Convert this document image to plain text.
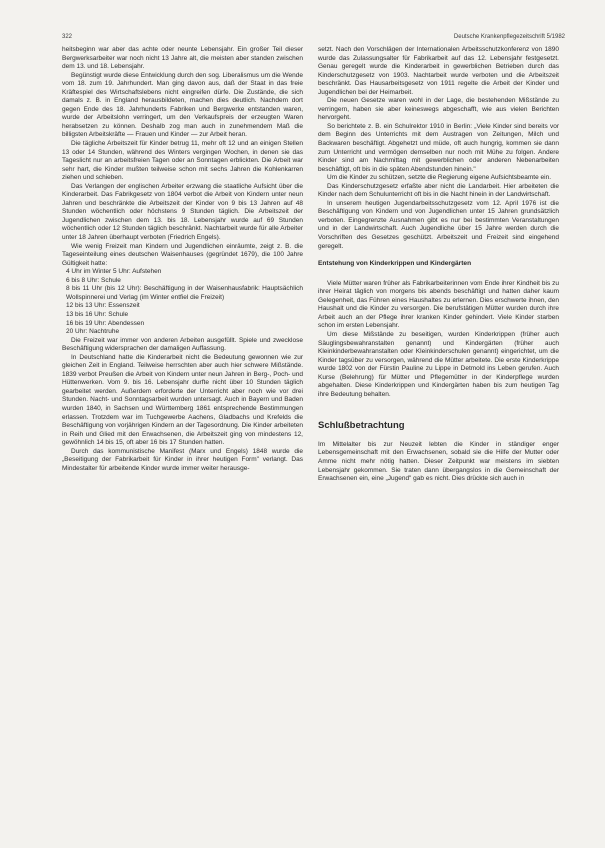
322	Deutsche Krankenpflegezeitschrift 5/1982

heitsbeginn war aber das achte oder neunte Lebensjahr. Ein großer Teil dieser Bergwerksarbeiter war noch nicht 13 Jahre alt, die meisten aber standen zwischen dem 13. und 18. Lebensjahr.

Begünstigt wurde diese Entwicklung durch den sog. Liberalismus um die Wende vom 18. zum 19. Jahrhundert. Man ging davon aus, daß der Staat in das freie Kräftespiel des Wirtschaftslebens nicht eingreifen dürfe. Die Zustände, die sich damals z. B. in England herausbildeten, machen dies deutlich. Nachdem dort gegen Ende des 18. Jahrhunderts Fabriken und Bergwerke entstanden waren, wurde der Arbeitslohn verringert, um den Verkaufspreis der erzeugten Waren herabsetzen zu können. Deshalb zog man auch in zunehmendem Maß die billigsten Arbeitskräfte — Frauen und Kinder — zur Arbeit heran.

Die tägliche Arbeitszeit für Kinder betrug 11, mehr oft 12 und an einigen Stellen 13 oder 14 Stunden, während des Winters vergingen Wochen, in denen sie das Tageslicht nur an arbeitsfreien Tagen oder an Sonntagen erblickten. Die Arbeit war sehr hart, die Kinder mußten teilweise schon mit sechs Jahren die Kohlenkarren ziehen und schieben.

Das Verlangen der englischen Arbeiter erzwang die staatliche Aufsicht über die Kinderarbeit. Das Fabrikgesetz von 1804 verbot die Arbeit von Kindern unter neun Jahren und beschränkte die Arbeitszeit der Kinder von 9 bis 13 Jahren auf 48 Stunden wöchentlich oder höchstens 9 Stunden täglich. Die Arbeitszeit der Jugendlichen zwischen dem 13. bis 18. Lebensjahr wurde auf 69 Stunden wöchentlich oder 12 Stunden täglich beschränkt. Nachtarbeit wurde für alle Arbeiter unter 18 Jahren überhaupt verboten (Friedrich Engels).

Wie wenig Freizeit man Kindern und Jugendlichen einräumte, zeigt z. B. die Tageseinteilung eines deutschen Waisenhauses (gegründet 1679), die 100 Jahre Gültigkeit hatte:

4 Uhr im Winter 5 Uhr: Aufstehen
6 bis 8 Uhr: Schule
8 bis 11 Uhr (bis 12 Uhr): Beschäftigung in der Waisenhausfabrik: Hauptsächlich Wollspinnerei und Verlag (im Winter entfiel die Freizeit)
12 bis 13 Uhr: Essenszeit
13 bis 16 Uhr: Schule
16 bis 19 Uhr: Abendessen
20 Uhr: Nachtruhe

Die Freizeit war immer von anderen Arbeiten ausgefüllt. Spiele und zwecklose Beschäftigung widersprachen der damaligen Auffassung.

In Deutschland hatte die Kinderarbeit nicht die Bedeutung gewonnen wie zur gleichen Zeit in England. Teilweise herrschten aber auch hier schwere Mißstände. 1839 verbot Preußen die Arbeit von Kindern unter neun Jahren in Berg-, Poch- und Hüttenwerken. Vom 9. bis 16. Lebensjahr durfte nicht über 10 Stunden täglich gearbeitet werden. Außerdem erforderte der Unterricht aber noch wie vor drei Stunden. Nacht- und Sonntagsarbeit wurden untersagt. Auch in Bayern und Baden wurden 1840, in Sachsen und Württemberg 1861 entsprechende Bestimmungen erlassen. Trotzdem war im Tuchgewerbe Aachens, Gladbachs und Krefelds die Beschäftigung von vorjährigen Kindern an der Tagesordnung. Die Kinder arbeiteten in Reih und Glied mit den Erwachsenen, die Arbeitszeit ging von mindestens 12, gewöhnlich 14 bis 15, oft aber 16 bis 17 Stunden hatten.

Durch das kommunistische Manifest (Marx und Engels) 1848 wurde die „Beseitigung der Fabrikarbeit für Kinder in ihrer heutigen Form" verlangt. Das Mindestalter für arbeitende Kinder wurde immer weiter herausge-

setzt. Nach den Vorschlägen der Internationalen Arbeitsschutzkonferenz von 1890 wurde das Zulassungsalter für Fabrikarbeit auf das 12. Lebensjahr festgesetzt. Genau geregelt wurde die Kinderarbeit in gewerblichen Betrieben durch das Kinderschutzgesetz von 1903. Nachtarbeit wurde verboten und die Arbeitszeit beschränkt. Das Hausarbeitsgesetz von 1911 regelte die Arbeit der Kinder und Jugendlichen bei der Heimarbeit.

Die neuen Gesetze waren wohl in der Lage, die bestehenden Mißstände zu verringern, haben sie aber keineswegs abgeschafft, wie aus vielen Berichten hervorgeht.

So berichtete z. B. ein Schulrektor 1910 in Berlin: „Viele Kinder sind bereits vor dem Beginn des Unterrichts mit dem Austragen von Zeitungen, Milch und Backwaren beschäftigt. Abgehetzt und müde, oft auch hungrig, kommen sie dann zum Unterricht und vermögen demselben nur noch mit Mühe zu folgen. Andere Kinder sind am Nachmittag mit gewerblichen oder anderen Nebenarbeiten beschäftigt, oft bis in die späten Abendstunden hinein."

Um die Kinder zu schützen, setzte die Regierung eigene Aufsichtsbeamte ein.

Das Kinderschutzgesetz erfaßte aber nicht die Landarbeit. Hier arbeiteten die Kinder nach dem Schulunterricht oft bis in die Nacht hinein in der Landwirtschaft.

In unserem heutigen Jugendarbeitsschutzgesetz vom 12. April 1976 ist die Beschäftigung von Kindern und von Jugendlichen unter 15 Jahren grundsätzlich verboten. Eingegrenzte Ausnahmen gibt es nur bei bestimmten Veranstaltungen und in der Landwirtschaft. Auch Jugendliche über 15 Jahre werden durch die Vorschriften des Gesetzes geschützt. Arbeitszeit und Freizeit sind eingehend geregelt.

Entstehung von Kinderkrippen und Kindergärten

Viele Mütter waren früher als Fabrikarbeiterinnen vom Ende ihrer Kindheit bis zu ihrer Heirat täglich von morgens bis abends beschäftigt und hatten daher kaum Gelegenheit, das Führen eines Haushaltes zu erlernen. Dies erschwerte ihnen, den Haushalt und die Kinder zu versorgen. Die berufstätigen Mütter wurden durch ihre Arbeit auch an der Pflege ihrer kranken Kinder gehindert. Viele Kinder starben schon im ersten Lebensjahr.

Um diese Mißstände zu beseitigen, wurden Kinderkrippen (früher auch Säuglingsbewahranstalten genannt) und Kindergärten (früher auch Kleinkinderbewahranstalten oder Kleinkinderschulen genannt) eingerichtet, um die Kinder tagsüber zu versorgen, während die Mütter arbeitete. Die erste Kinderkrippe wurde 1802 von der Fürstin Pauline zu Lippe in Detmold ins Leben gerufen. Auch Kurse (Belehrung) für Mütter und Pflegemütter in der Kinderpflege wurden abgehalten. Diese Kinderkrippen und Kindergärten haben bis zum heutigen Tag ihre Bedeutung behalten.

Schlußbetrachtung

Im Mittelalter bis zur Neuzeit lebten die Kinder in ständiger enger Lebensgemeinschaft mit den Erwachsenen, sobald sie die Hilfe der Mutter oder Amme nicht mehr nötig hatten. Dieser Zeitpunkt war meistens im siebten Lebensjahr gekommen. Sie traten dann übergangslos in die Gemeinschaft der Erwachsenen ein, eine „Jugend" gab es nicht. Dies drückte sich auch in
